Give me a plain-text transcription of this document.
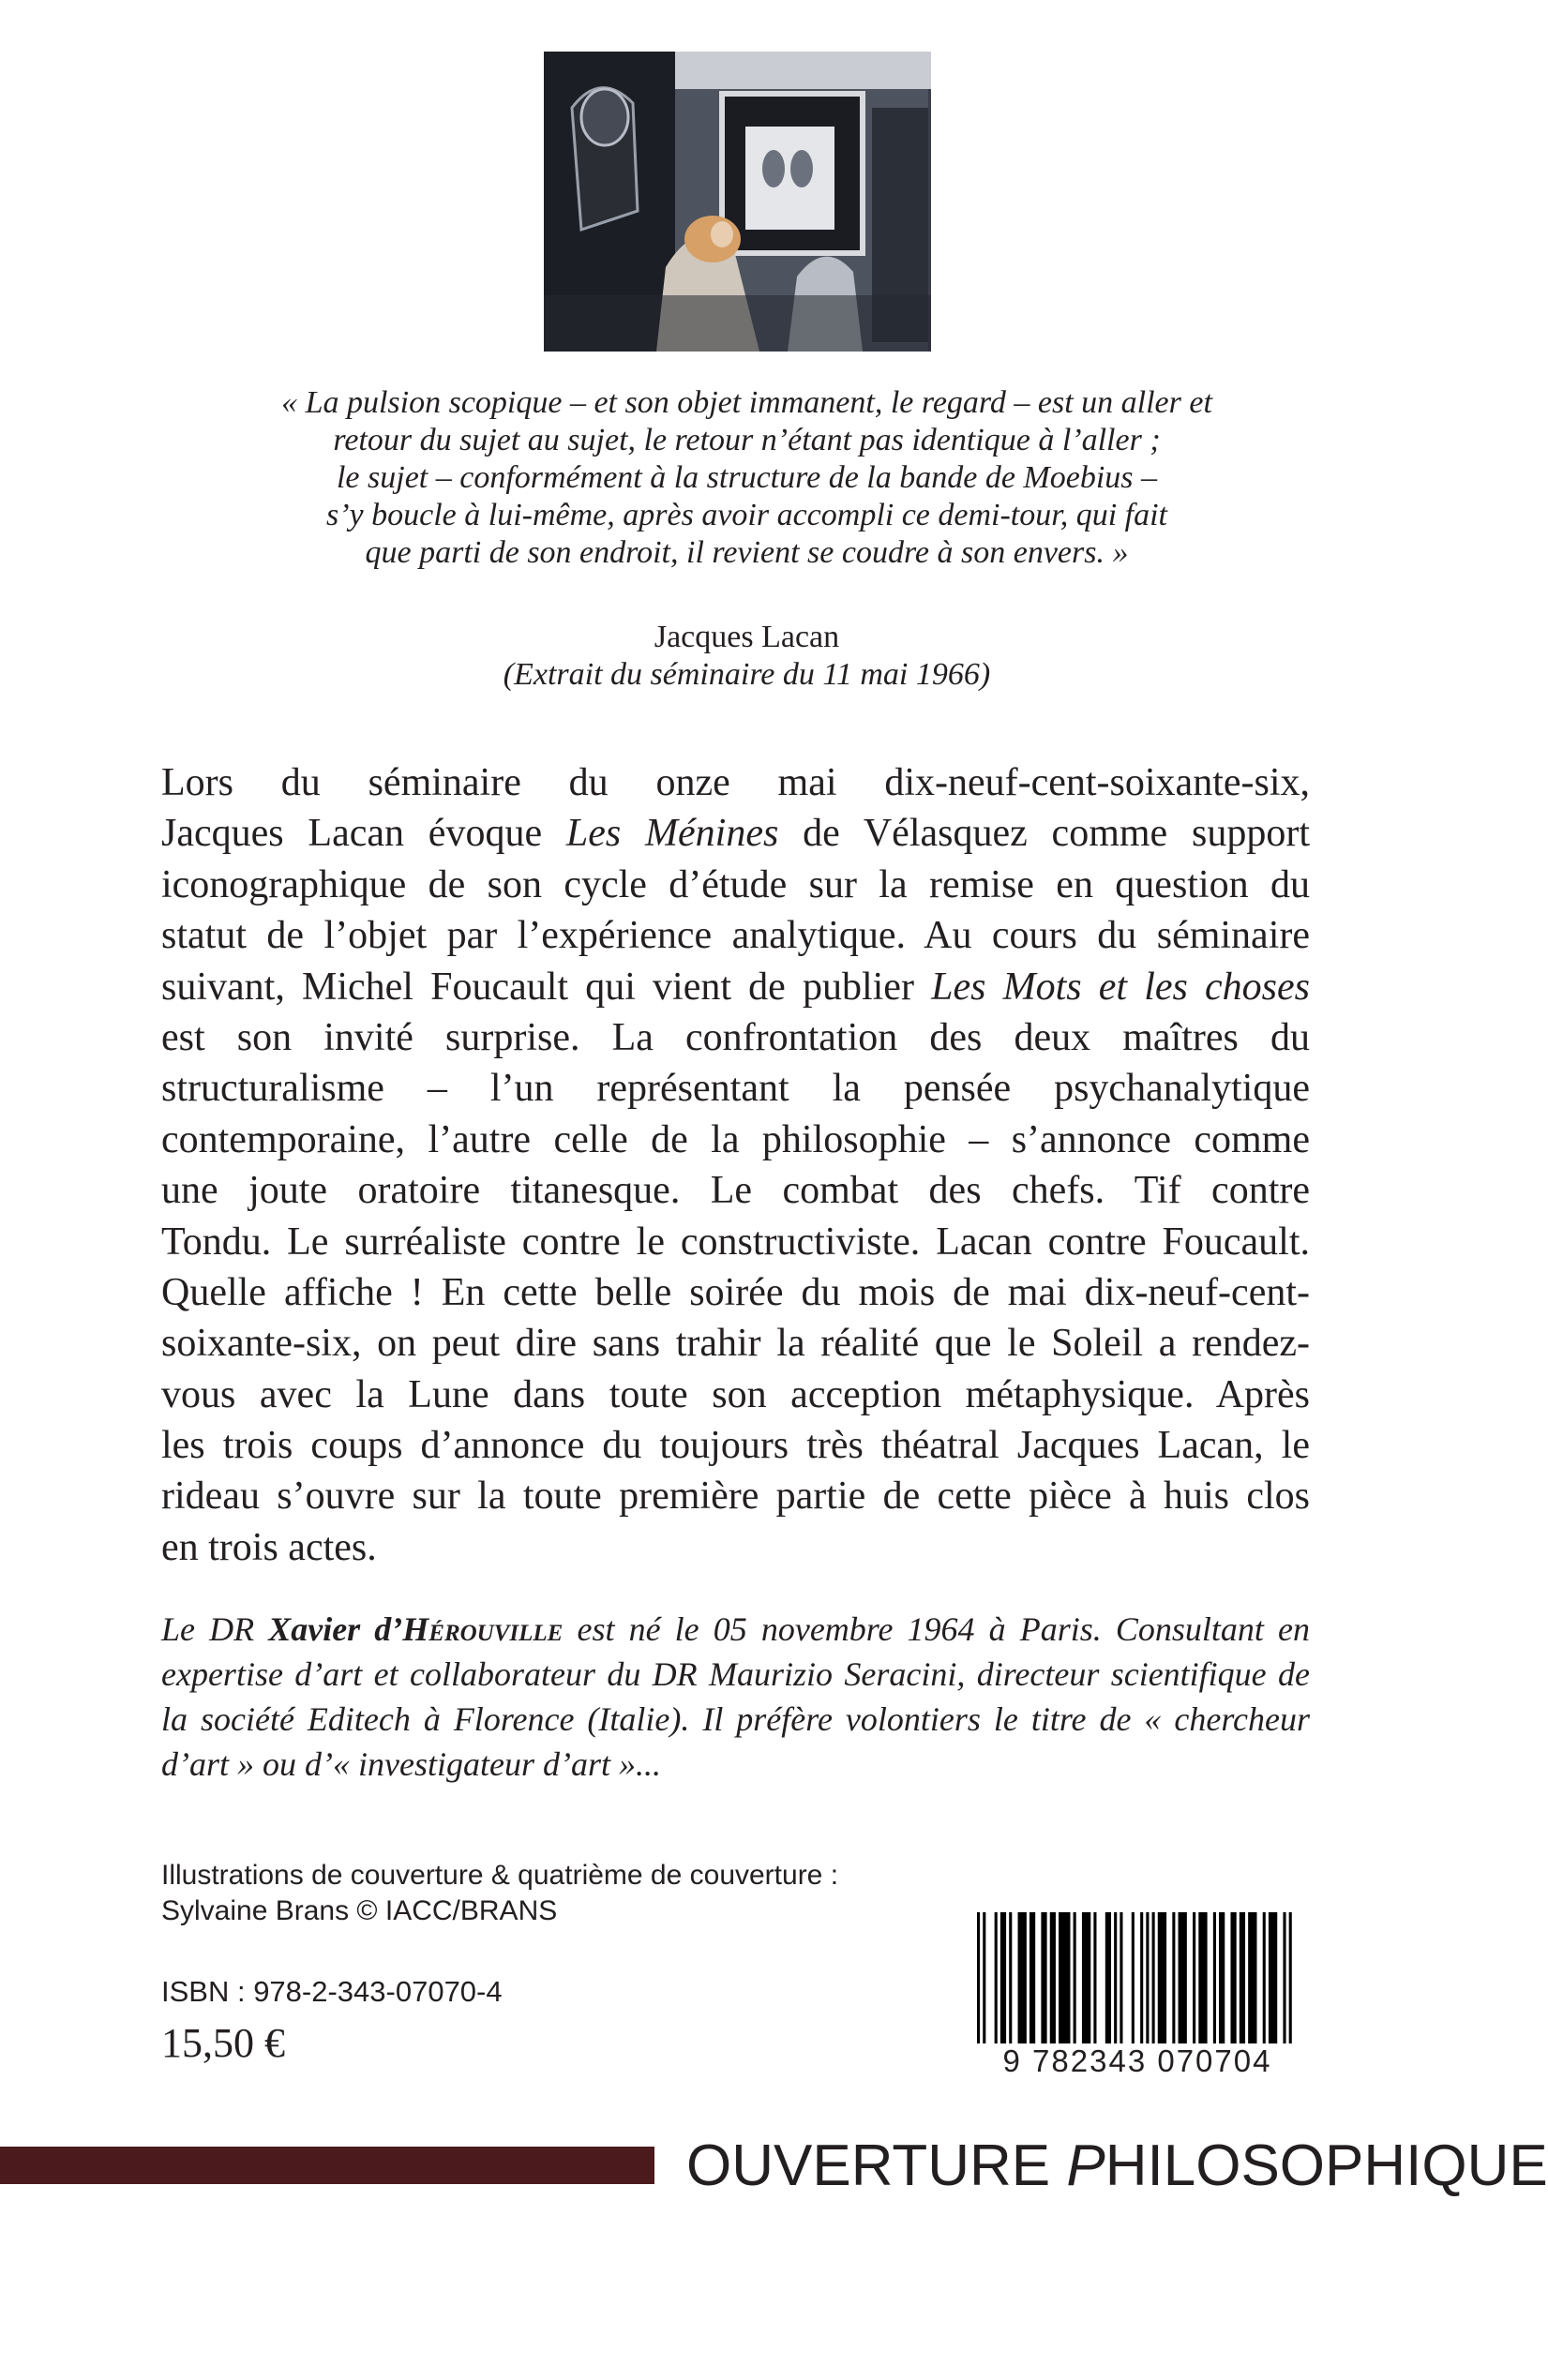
« La pulsion scopique – et son objet immanent, le regard – est un aller et

retour du sujet au sujet, le retour n’étant pas identique à l’aller ;

le sujet – conformément à la structure de la bande de Moebius –

s’y boucle à lui-même, après avoir accompli ce demi-tour, qui fait

que parti de son endroit, il revient se coudre à son envers. »

Jacques Lacan

(Extrait du séminaire du 11 mai 1966)

Lors du séminaire du onze mai dix-neuf-cent-soixante-six,
Jacques Lacan évoque Les Ménines de Vélasquez comme support
iconographique de son cycle d’étude sur la remise en question du
statut de l’objet par l’expérience analytique. Au cours du séminaire
suivant, Michel Foucault qui vient de publier Les Mots et les choses
est son invité surprise. La confrontation des deux maîtres du
structuralisme – l’un représentant la pensée psychanalytique
contemporaine, l’autre celle de la philosophie – s’annonce comme
une joute oratoire titanesque. Le combat des chefs. Tif contre
Tondu. Le surréaliste contre le constructiviste. Lacan contre Foucault.
Quelle affiche ! En cette belle soirée du mois de mai dix-neuf-cent-
soixante-six, on peut dire sans trahir la réalité que le Soleil a rendez-
vous avec la Lune dans toute son acception métaphysique. Après
les trois coups d’annonce du toujours très théatral Jacques Lacan, le
rideau s’ouvre sur la toute première partie de cette pièce à huis clos
en trois actes.
Le DR Xavier d’Hérouville est né le 05 novembre 1964 à Paris. Consultant en
expertise d’art et collaborateur du DR Maurizio Seracini, directeur scientifique de
la société Editech à Florence (Italie). Il préfère volontiers le titre de « chercheur
d’art » ou d’« investigateur d’art »...

Illustrations de couverture & quatrième de couverture :

Sylvaine Brans © IACC/BRANS

ISBN : 978-2-343-07070-4

15,50 €	9 782343 070704
OUVERTURE PHILOSOPHIQUE
